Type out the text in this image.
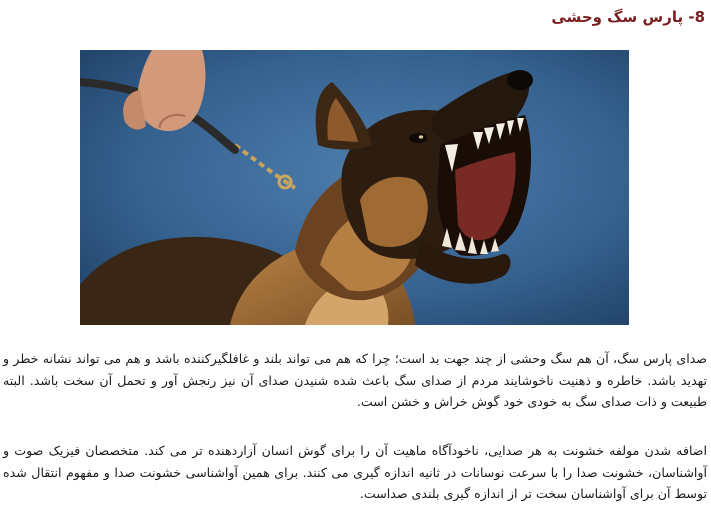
8- پارس سگ وحشی

صدای پارس سگ، آن هم سگ وحشی از چند جهت بد است؛ چرا که هم می تواند بلند و غافلگیرکننده باشد و هم می تواند نشانه خطر و تهدید باشد. خاطره و ذهنیت ناخوشایند مردم از صدای سگ باعث شده شنیدن صدای آن نیز رنجش آور و تحمل آن سخت باشد. البته طبیعت و ذات صدای سگ به خودی خود گوش خراش و خشن است.

اضافه شدن مولفه خشونت به هر صدایی، ناخودآگاه ماهیت آن را برای گوش انسان آزاردهنده تر می کند. متخصصان فیزیک صوت و آواشناسان، خشونت صدا را با سرعت نوسانات در ثانیه اندازه گیری می کنند. برای همین آواشناسی خشونت صدا و مفهوم انتقال شده توسط آن برای آواشناسان سخت تر از اندازه گیری بلندی صداست.
